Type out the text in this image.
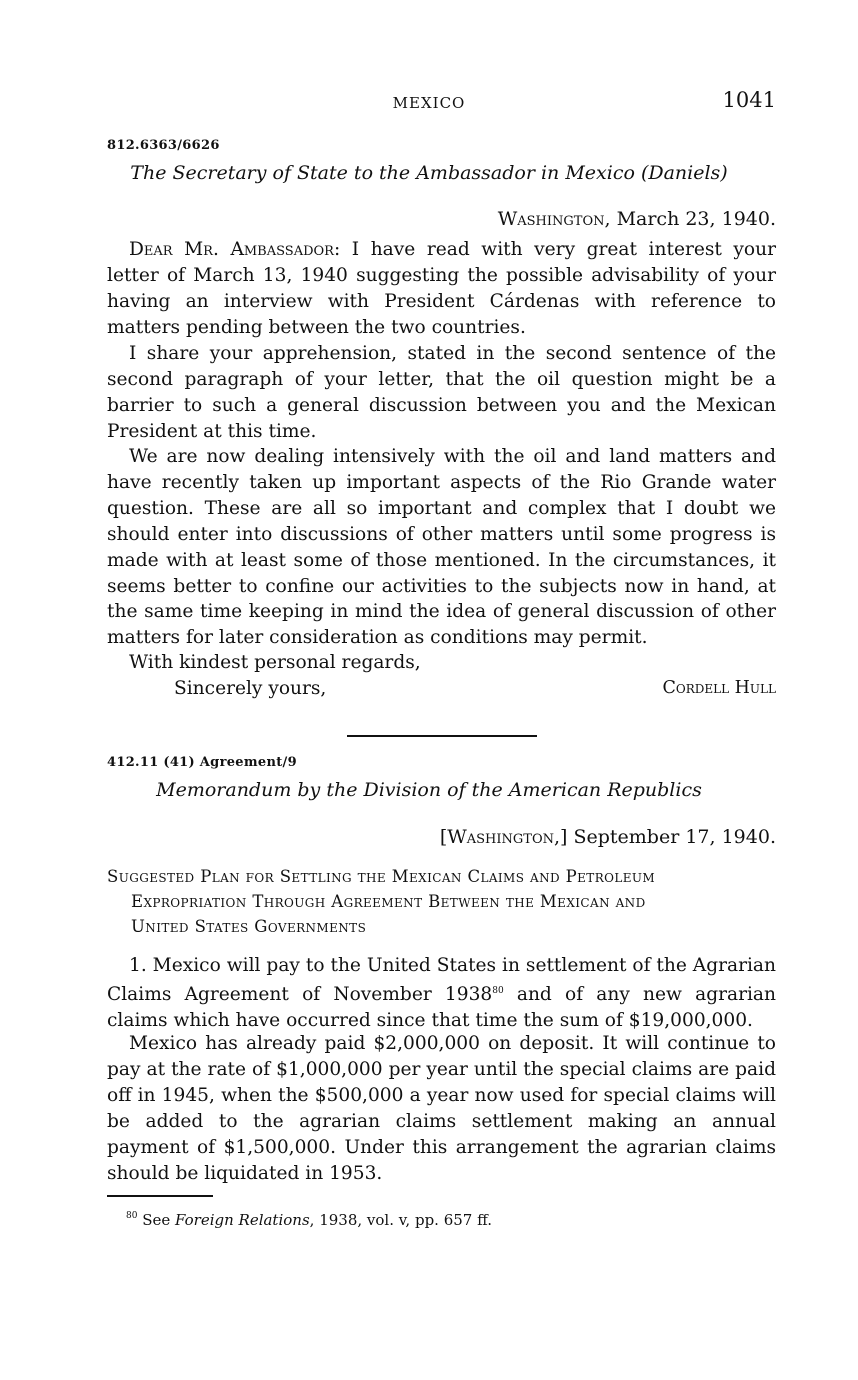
MEXICO	1041
812.6363/6626
The Secretary of State to the Ambassador in Mexico (Daniels)
Washington, March 23, 1940.

Dear Mr. Ambassador: I have read with very great interest your letter of March 13, 1940 suggesting the possible advisability of your having an interview with President Cárdenas with reference to matters pending between the two countries.

I share your apprehension, stated in the second sentence of the second paragraph of your letter, that the oil question might be a barrier to such a general discussion between you and the Mexican President at this time.

We are now dealing intensively with the oil and land matters and have recently taken up important aspects of the Rio Grande water question. These are all so important and complex that I doubt we should enter into discussions of other matters until some progress is made with at least some of those mentioned. In the circumstances, it seems better to confine our activities to the subjects now in hand, at the same time keeping in mind the idea of general discussion of other matters for later consideration as conditions may permit.

With kindest personal regards,
Sincerely yours,	Cordell Hull
412.11 (41) Agreement/9
Memorandum by the Division of the American Republics
[Washington,] September 17, 1940.
Suggested Plan for Settling the Mexican Claims and Petroleum
Expropriation Through Agreement Between the Mexican and
United States Governments

1. Mexico will pay to the United States in settlement of the Agrarian Claims Agreement of November 1938$^{80}$ and of any new agrarian claims which have occurred since that time the sum of $19,000,000.

Mexico has already paid $2,000,000 on deposit. It will continue to pay at the rate of $1,000,000 per year until the special claims are paid off in 1945, when the $500,000 a year now used for special claims will be added to the agrarian claims settlement making an annual payment of $1,500,000. Under this arrangement the agrarian claims should be liquidated in 1953.

$^{80}$ See Foreign Relations, 1938, vol. v, pp. 657 ff.
